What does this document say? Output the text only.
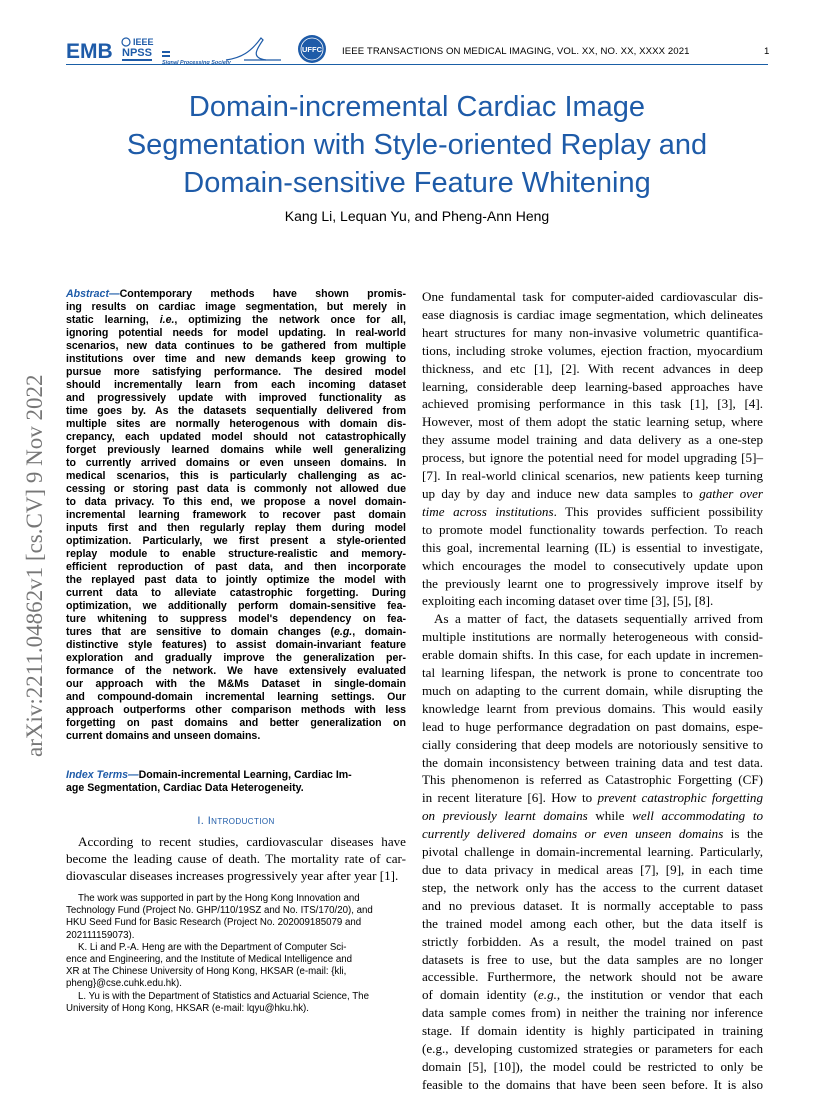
EMB IEEE
NPSS
Signal Processing Society
UFFC IEEE TRANSACTIONS ON MEDICAL IMAGING, VOL. XX, NO. XX, XXXX 2021	1
Domain-incremental Cardiac Image
Segmentation with Style-oriented Replay and
Domain-sensitive Feature Whitening
Kang Li, Lequan Yu, and Pheng-Ann Heng
arXiv:2211.04862v1 [cs.CV] 9 Nov 2022
Abstract—Contemporary methods have shown promis-
ing results on cardiac image segmentation, but merely in
static learning, i.e., optimizing the network once for all,
ignoring potential needs for model updating. In real-world
scenarios, new data continues to be gathered from multiple
institutions over time and new demands keep growing to
pursue more satisfying performance. The desired model
should incrementally learn from each incoming dataset
and progressively update with improved functionality as
time goes by. As the datasets sequentially delivered from
multiple sites are normally heterogenous with domain dis-
crepancy, each updated model should not catastrophically
forget previously learned domains while well generalizing
to currently arrived domains or even unseen domains. In
medical scenarios, this is particularly challenging as ac-
cessing or storing past data is commonly not allowed due
to data privacy. To this end, we propose a novel domain-
incremental learning framework to recover past domain
inputs first and then regularly replay them during model
optimization. Particularly, we first present a style-oriented
replay module to enable structure-realistic and memory-
efficient reproduction of past data, and then incorporate
the replayed past data to jointly optimize the model with
current data to alleviate catastrophic forgetting. During
optimization, we additionally perform domain-sensitive fea-
ture whitening to suppress model's dependency on fea-
tures that are sensitive to domain changes (e.g., domain-
distinctive style features) to assist domain-invariant feature
exploration and gradually improve the generalization per-
formance of the network. We have extensively evaluated
our approach with the M&Ms Dataset in single-domain
and compound-domain incremental learning settings. Our
approach outperforms other comparison methods with less
forgetting on past domains and better generalization on
current domains and unseen domains.
Index Terms—Domain-incremental Learning, Cardiac Im-
age Segmentation, Cardiac Data Heterogeneity.
I. Introduction
According to recent studies, cardiovascular diseases have
become the leading cause of death. The mortality rate of car-
diovascular diseases increases progressively year after year [1].
The work was supported in part by the Hong Kong Innovation and
Technology Fund (Project No. GHP/110/19SZ and No. ITS/170/20), and
HKU Seed Fund for Basic Research (Project No. 202009185079 and
202111159073).
K. Li and P.-A. Heng are with the Department of Computer Sci-
ence and Engineering, and the Institute of Medical Intelligence and
XR at The Chinese University of Hong Kong, HKSAR (e-mail: {kli,
pheng}@cse.cuhk.edu.hk).
L. Yu is with the Department of Statistics and Actuarial Science, The
University of Hong Kong, HKSAR (e-mail: lqyu@hku.hk).
One fundamental task for computer-aided cardiovascular dis-
ease diagnosis is cardiac image segmentation, which delineates
heart structures for many non-invasive volumetric quantifica-
tions, including stroke volumes, ejection fraction, myocardium
thickness, and etc [1], [2]. With recent advances in deep
learning, considerable deep learning-based approaches have
achieved promising performance in this task [1], [3], [4].
However, most of them adopt the static learning setup, where
they assume model training and data delivery as a one-step
process, but ignore the potential need for model upgrading [5]–
[7]. In real-world clinical scenarios, new patients keep turning
up day by day and induce new data samples to gather over
time across institutions. This provides sufficient possibility
to promote model functionality towards perfection. To reach
this goal, incremental learning (IL) is essential to investigate,
which encourages the model to consecutively update upon
the previously learnt one to progressively improve itself by
exploiting each incoming dataset over time [3], [5], [8].
As a matter of fact, the datasets sequentially arrived from
multiple institutions are normally heterogeneous with consid-
erable domain shifts. In this case, for each update in incremen-
tal learning lifespan, the network is prone to concentrate too
much on adapting to the current domain, while disrupting the
knowledge learnt from previous domains. This would easily
lead to huge performance degradation on past domains, espe-
cially considering that deep models are notoriously sensitive to
the domain inconsistency between training data and test data.
This phenomenon is referred as Catastrophic Forgetting (CF)
in recent literature [6]. How to prevent catastrophic forgetting
on previously learnt domains while well accommodating to
currently delivered domains or even unseen domains is the
pivotal challenge in domain-incremental learning. Particularly,
due to data privacy in medical areas [7], [9], in each time
step, the network only has the access to the current dataset
and no previous dataset. It is normally acceptable to pass
the trained model among each other, but the data itself is
strictly forbidden. As a result, the model trained on past
datasets is free to use, but the data samples are no longer
accessible. Furthermore, the network should not be aware
of domain identity (e.g., the institution or vendor that each
data sample comes from) in neither the training nor inference
stage. If domain identity is highly participated in training
(e.g., developing customized strategies or parameters for each
domain [5], [10]), the model could be restricted to only be
feasible to the domains that have been seen before. It is also
